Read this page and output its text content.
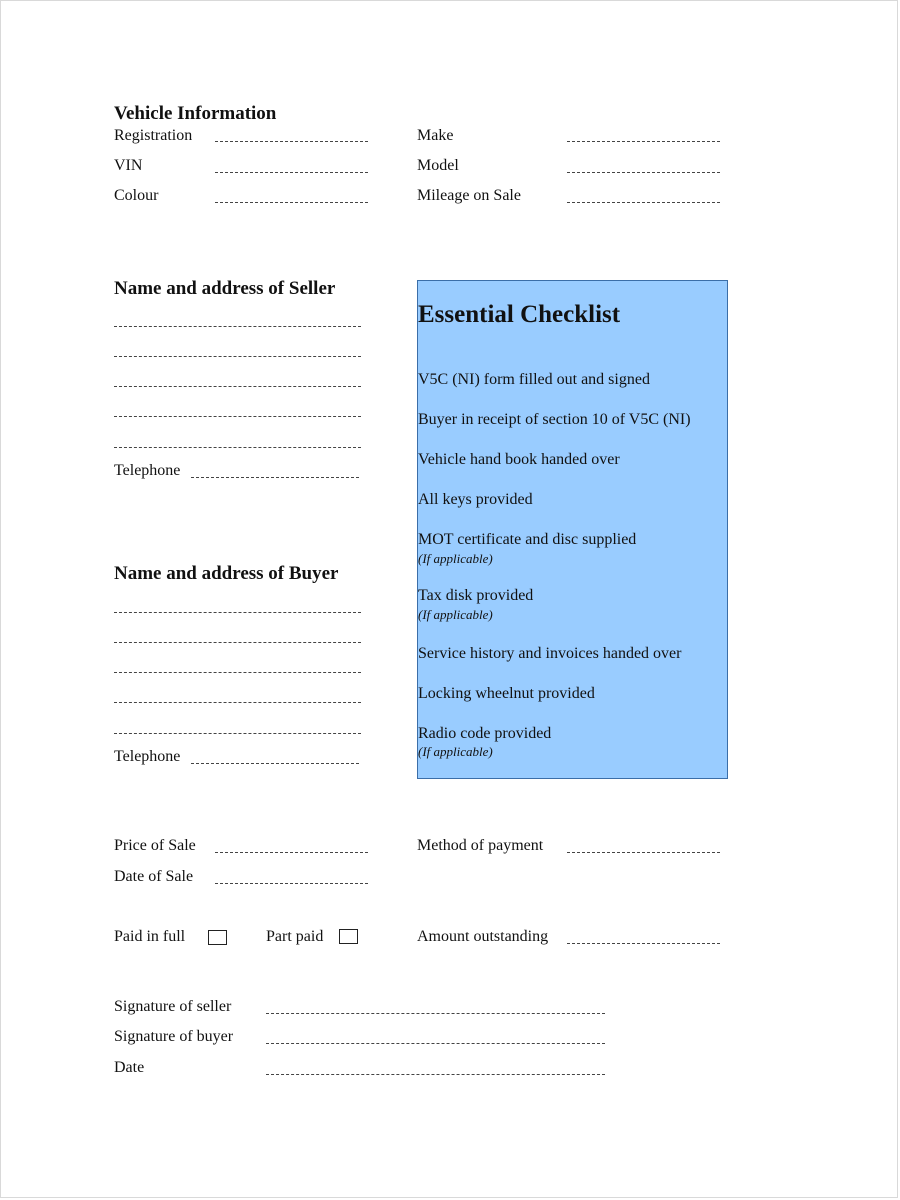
Vehicle Information
Registration
VIN
Colour
Make
Model
Mileage on Sale
Name and address of Seller
Telephone
Name and address of Buyer
Telephone
Essential Checklist
V5C (NI) form filled out and signed
Buyer in receipt of section 10 of V5C (NI)
Vehicle hand book handed over
All keys provided
MOT certificate and disc supplied
(If applicable)
Tax disk provided
(If applicable)
Service history and invoices handed over
Locking wheelnut provided
Radio code provided
(If applicable)
Price of Sale
Date of Sale
Method of payment
Paid in full	Part paid	Amount outstanding
Signature of seller
Signature of buyer
Date
